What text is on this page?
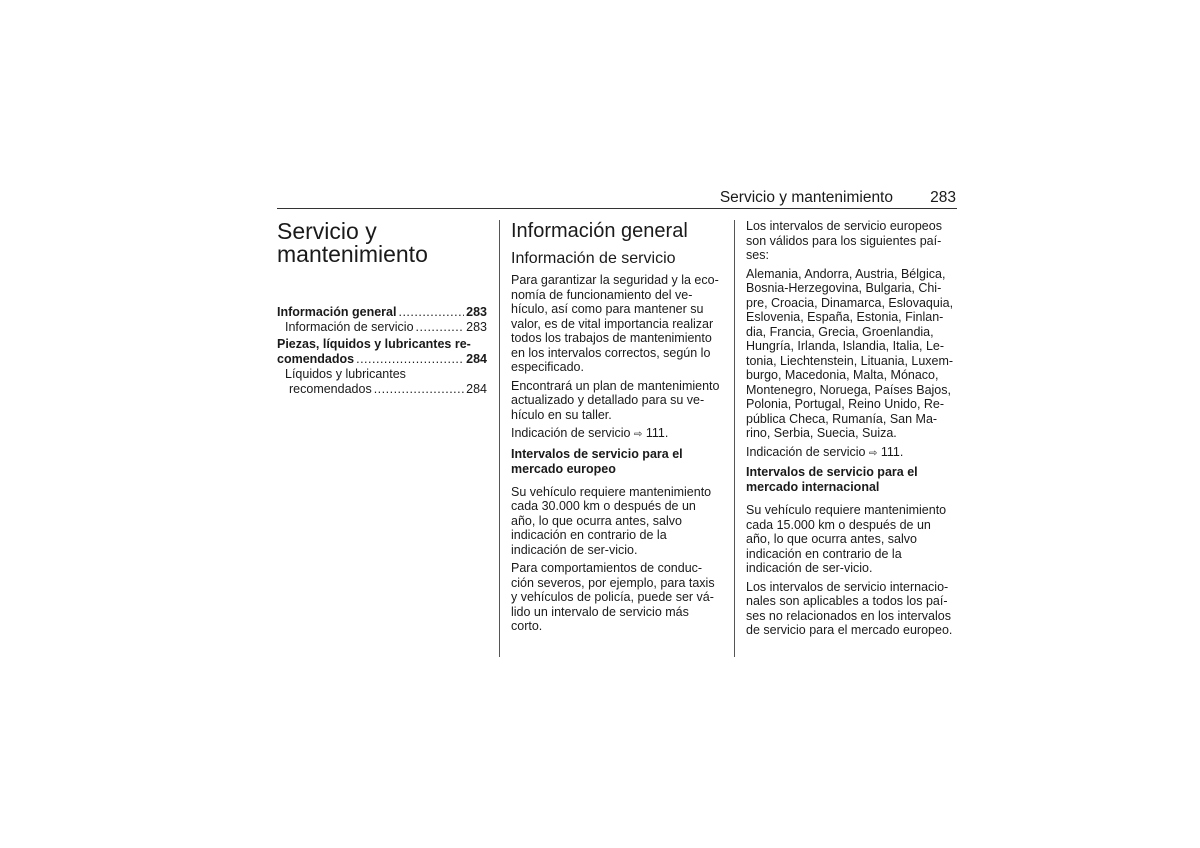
Servicio y mantenimiento	283
Servicio y
mantenimiento
Información general .....	283
Información de servicio .....	283
Piezas, líquidos y lubricantes re-
comendados .....	284
Líquidos y lubricantes
recomendados .....	284
Información general
Información de servicio

Para garantizar la seguridad y la eco-nomía de funcionamiento del ve-hículo, así como para mantener su valor, es de vital importancia realizar todos los trabajos de mantenimiento en los intervalos correctos, según lo especificado.

Encontrará un plan de mantenimiento actualizado y detallado para su ve-hículo en su taller.

Indicación de servicio ⇨ 111.

Intervalos de servicio para el mercado europeo

Su vehículo requiere mantenimiento cada 30.000 km o después de un año, lo que ocurra antes, salvo indicación en contrario de la indicación de ser-vicio.

Para comportamientos de conduc-ción severos, por ejemplo, para taxis y vehículos de policía, puede ser vá-lido un intervalo de servicio más corto.

Los intervalos de servicio europeos son válidos para los siguientes paí-ses:

Alemania, Andorra, Austria, Bélgica, Bosnia-Herzegovina, Bulgaria, Chi-pre, Croacia, Dinamarca, Eslovaquia, Eslovenia, España, Estonia, Finlan-dia, Francia, Grecia, Groenlandia, Hungría, Irlanda, Islandia, Italia, Le-tonia, Liechtenstein, Lituania, Luxem-burgo, Macedonia, Malta, Mónaco, Montenegro, Noruega, Países Bajos, Polonia, Portugal, Reino Unido, Re-pública Checa, Rumanía, San Ma-rino, Serbia, Suecia, Suiza.

Indicación de servicio ⇨ 111.

Intervalos de servicio para el mercado internacional

Su vehículo requiere mantenimiento cada 15.000 km o después de un año, lo que ocurra antes, salvo indicación en contrario de la indicación de ser-vicio.

Los intervalos de servicio internacio-nales son aplicables a todos los paí-ses no relacionados en los intervalos de servicio para el mercado europeo.
